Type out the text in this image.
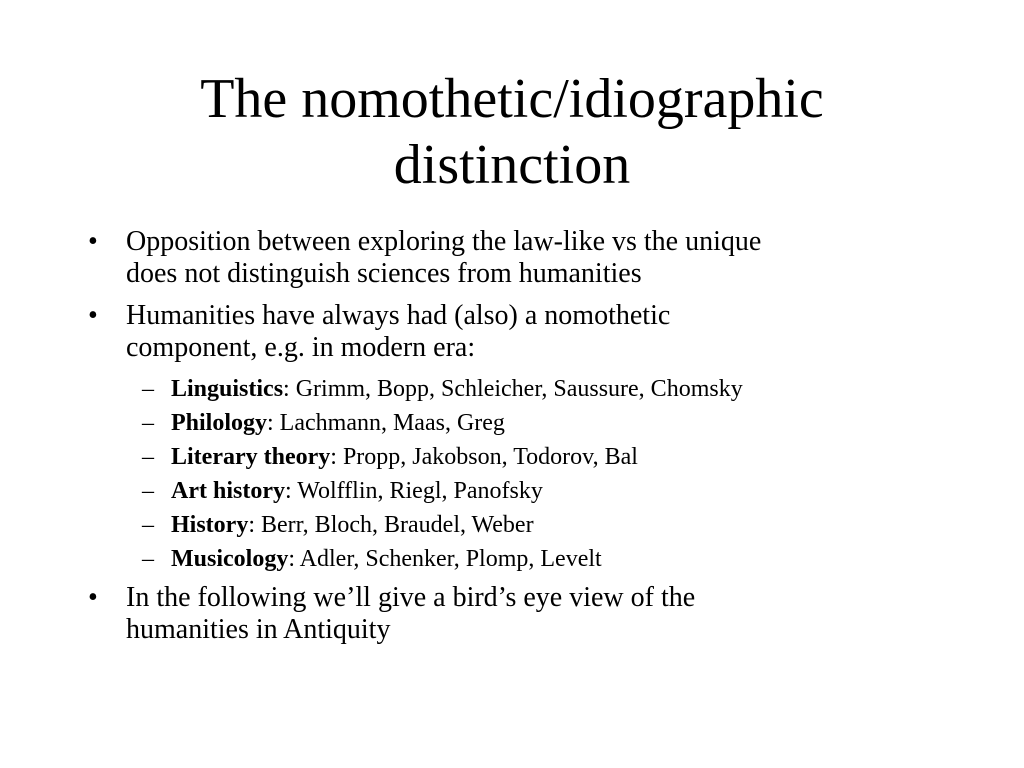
The nomothetic/idiographic
distinction
•	Opposition between exploring the law-like vs the unique
does not distinguish sciences from humanities
•	Humanities have always had (also) a nomothetic
component, e.g. in modern era:
– Linguistics: Grimm, Bopp, Schleicher, Saussure, Chomsky
– Philology: Lachmann, Maas, Greg
– Literary theory: Propp, Jakobson, Todorov, Bal
– Art history: Wolfflin, Riegl, Panofsky
– History: Berr, Bloch, Braudel, Weber
– Musicology: Adler, Schenker, Plomp, Levelt
•	In the following we’ll give a bird’s eye view of the
humanities in Antiquity
